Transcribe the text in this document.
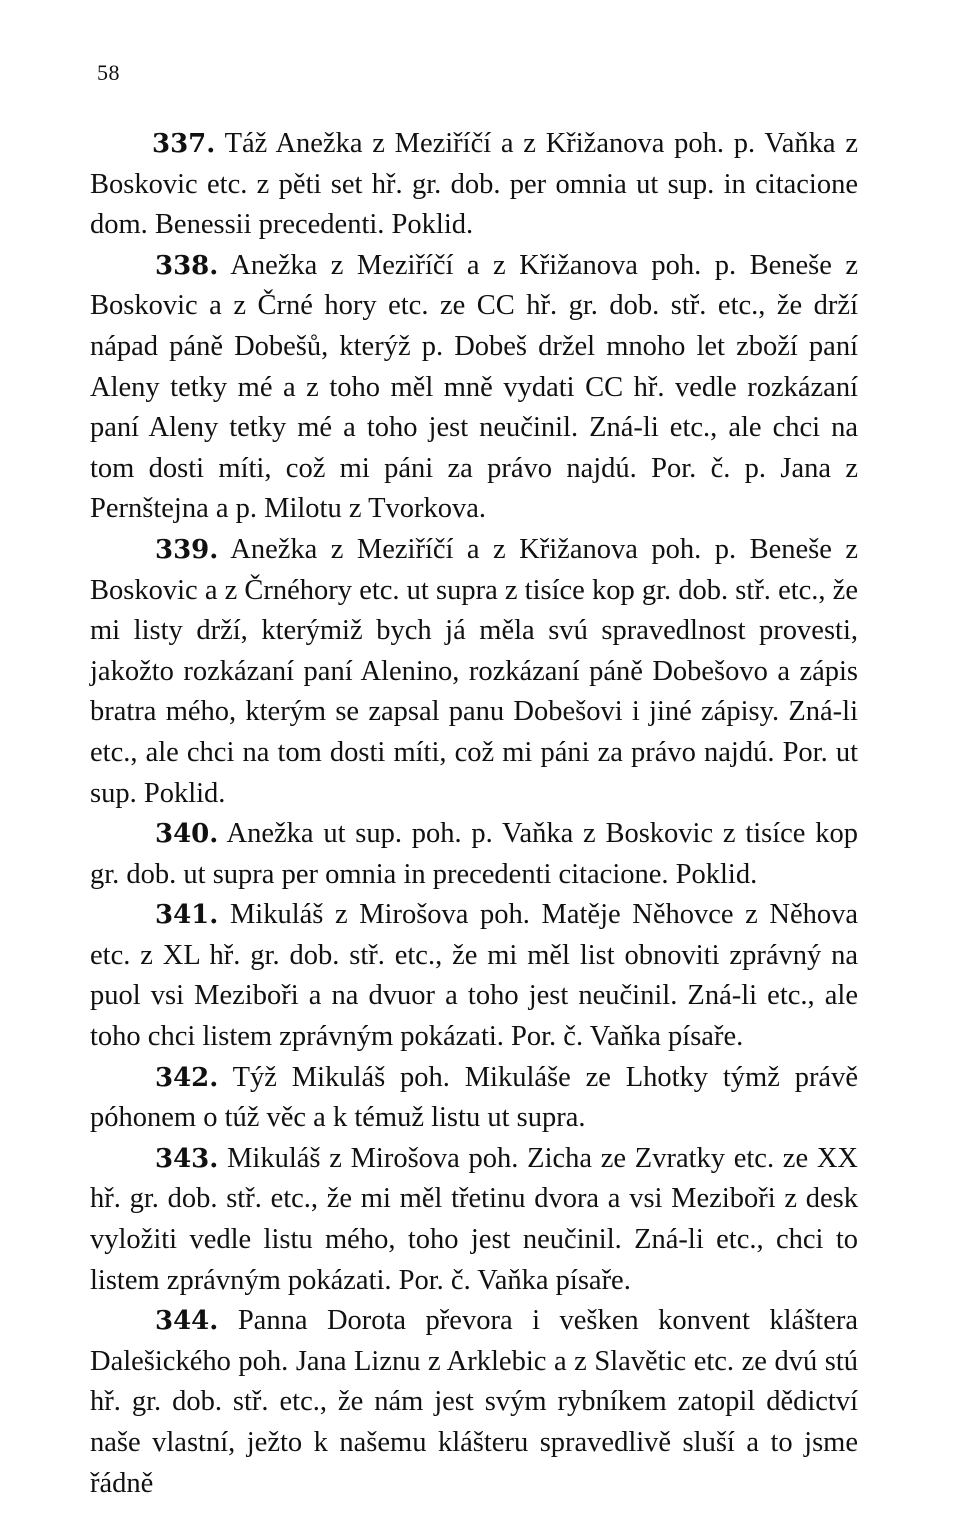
58

337. Táž Anežka z Meziříčí a z Křižanova poh. p. Vaňka z Boskovic etc. z pěti set hř. gr. dob. per omnia ut sup. in citacione dom. Benessii precedenti. Poklid.

338. Anežka z Meziříčí a z Křižanova poh. p. Beneše z Boskovic a z Črné hory etc. ze CC hř. gr. dob. stř. etc., že drží nápad páně Dobešů, kterýž p. Dobeš držel mnoho let zboží paní Aleny tetky mé a z toho měl mně vydati CC hř. vedle rozkázaní paní Aleny tetky mé a toho jest neučinil. Zná-li etc., ale chci na tom dosti míti, což mi páni za právo najdú. Por. č. p. Jana z Pernštejna a p. Milotu z Tvorkova.

339. Anežka z Meziříčí a z Křižanova poh. p. Beneše z Boskovic a z Črnéhory etc. ut supra z tisíce kop gr. dob. stř. etc., že mi listy drží, kterýmiž bych já měla svú spravedlnost provesti, jakožto rozkázaní paní Alenino, rozkázaní páně Dobešovo a zápis bratra mého, kterým se zapsal panu Dobešovi i jiné zápisy. Zná-li etc., ale chci na tom dosti míti, což mi páni za právo najdú. Por. ut sup. Poklid.

340. Anežka ut sup. poh. p. Vaňka z Boskovic z tisíce kop gr. dob. ut supra per omnia in precedenti citacione. Poklid.

341. Mikuláš z Mirošova poh. Matěje Něhovce z Něhova etc. z XL hř. gr. dob. stř. etc., že mi měl list obnoviti zprávný na puol vsi Meziboři a na dvuor a toho jest neučinil. Zná-li etc., ale toho chci listem zprávným pokázati. Por. č. Vaňka písaře.

342. Týž Mikuláš poh. Mikuláše ze Lhotky týmž právě póhonem o túž věc a k témuž listu ut supra.

343. Mikuláš z Mirošova poh. Zicha ze Zvratky etc. ze XX hř. gr. dob. stř. etc., že mi měl třetinu dvora a vsi Meziboři z desk vyložiti vedle listu mého, toho jest neučinil. Zná-li etc., chci to listem zprávným pokázati. Por. č. Vaňka písaře.

344. Panna Dorota převora i vešken konvent kláštera Dalešického poh. Jana Liznu z Arklebic a z Slavětic etc. ze dvú stú hř. gr. dob. stř. etc., že nám jest svým rybníkem zatopil dědictví naše vlastní, ježto k našemu klášteru spravedlivě sluší a to jsme řádně
